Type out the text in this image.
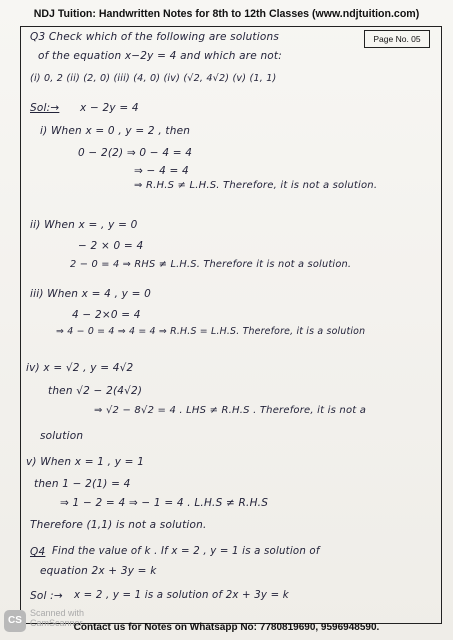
NDJ Tuition: Handwritten Notes for 8th to 12th Classes (www.ndjtuition.com)
Page No. 05
Q3 Check which of the following are solutions
of the equation x−2y = 4 and which are not:
(i) 0, 2 (ii) (2, 0) (iii) (4, 0) (iv) (√2, 4√2) (v) (1, 1)
Sol:→ x − 2y = 4
i) When x = 0 , y = 2 , then
0 − 2(2) ⇒ 0 − 4 = 4
⇒ − 4 = 4
⇒ R.H.S ≠ L.H.S. Therefore, it is not a solution.
ii) When x = , y = 0
− 2 × 0 = 4
2 − 0 = 4 ⇒ RHS ≠ L.H.S. Therefore it is not a solution.
iii) When x = 4 , y = 0
4 − 2×0 = 4
⇒ 4 − 0 = 4 ⇒ 4 = 4 ⇒ R.H.S = L.H.S. Therefore, it is a solution
iv) x = √2 , y = 4√2
then √2 − 2(4√2)
⇒ √2 − 8√2 = 4 . LHS ≠ R.H.S . Therefore, it is not a
solution
v) When x = 1 , y = 1
then 1 − 2(1) = 4
⇒ 1 − 2 = 4 ⇒ − 1 = 4 . L.H.S ≠ R.H.S
Therefore (1,1) is not a solution.
Q4 Find the value of k . If x = 2 , y = 1 is a solution of
equation 2x + 3y = k
Sol :→ x = 2 , y = 1 is a solution of 2x + 3y = k
CS
Scanned with
CamScanner
Contact us for Notes on Whatsapp No: 7780819690, 9596948590.
